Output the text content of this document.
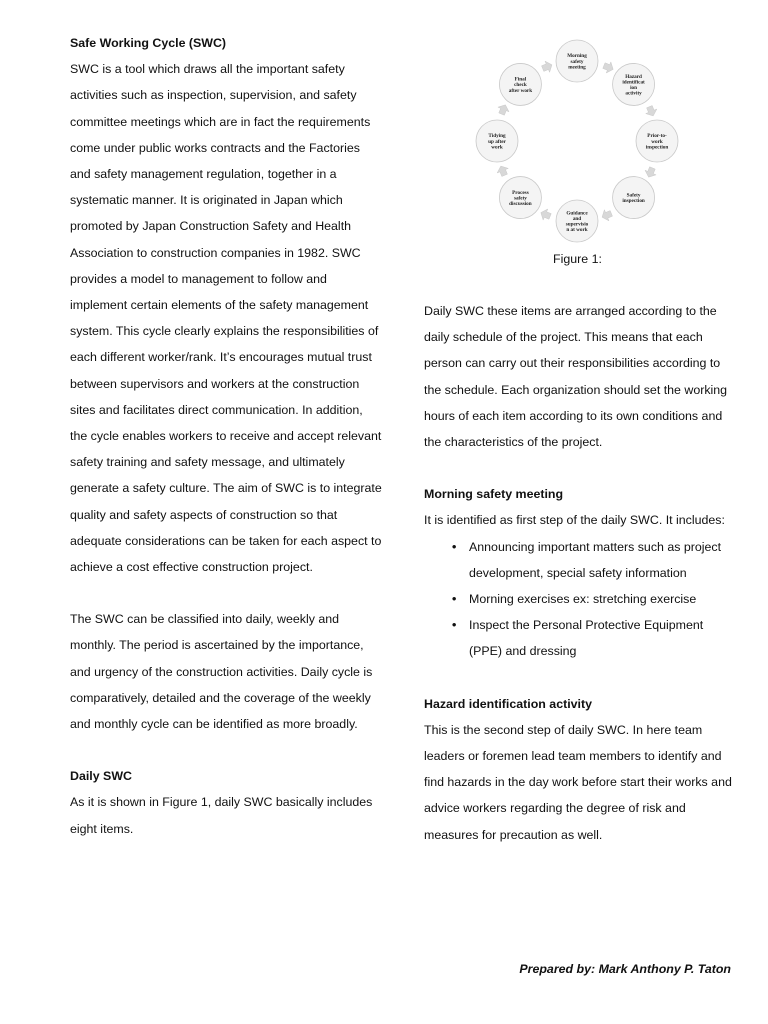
Safe Working Cycle (SWC)

SWC is a tool which draws all the important safety activities such as inspection, supervision, and safety committee meetings which are in fact the requirements come under public works contracts and the Factories and safety management regulation, together in a systematic manner. It is originated in Japan which promoted by Japan Construction Safety and Health Association to construction companies in 1982. SWC provides a model to management to follow and implement certain elements of the safety management system. This cycle clearly explains the responsibilities of each different worker/rank. It’s encourages mutual trust between supervisors and workers at the construction sites and facilitates direct communication. In addition, the cycle enables workers to receive and accept relevant safety training and safety message, and ultimately generate a safety culture. The aim of SWC is to integrate quality and safety aspects of construction so that adequate considerations can be taken for each aspect to achieve a cost effective construction project.

The SWC can be classified into daily, weekly and monthly. The period is ascertained by the importance, and urgency of the construction activities. Daily cycle is comparatively, detailed and the coverage of the weekly and monthly cycle can be identified as more broadly.

Daily SWC

As it is shown in Figure 1, daily SWC basically includes eight items.

Morning
safety
meeting
Hazard
identificat
ion
activity
Prior-to-
work
inspection
Safety
inspection
Guidance
and
supervisio
n at work
Process
safety
discussion
Tidying
up after
work
Final
check
after work
Figure 1:

Daily SWC these items are arranged according to the daily schedule of the project. This means that each person can carry out their responsibilities according to the schedule. Each organization should set the working hours of each item according to its own conditions and the characteristics of the project.

Morning safety meeting

It is identified as first step of the daily SWC. It includes:

• Announcing important matters such as project development, special safety information
• Morning exercises ex: stretching exercise
• Inspect the Personal Protective Equipment (PPE) and dressing
Hazard identification activity

This is the second step of daily SWC. In here team leaders or foremen lead team members to identify and find hazards in the day work before start their works and advice workers regarding the degree of risk and measures for precaution as well.

Prepared by: Mark Anthony P. Taton
